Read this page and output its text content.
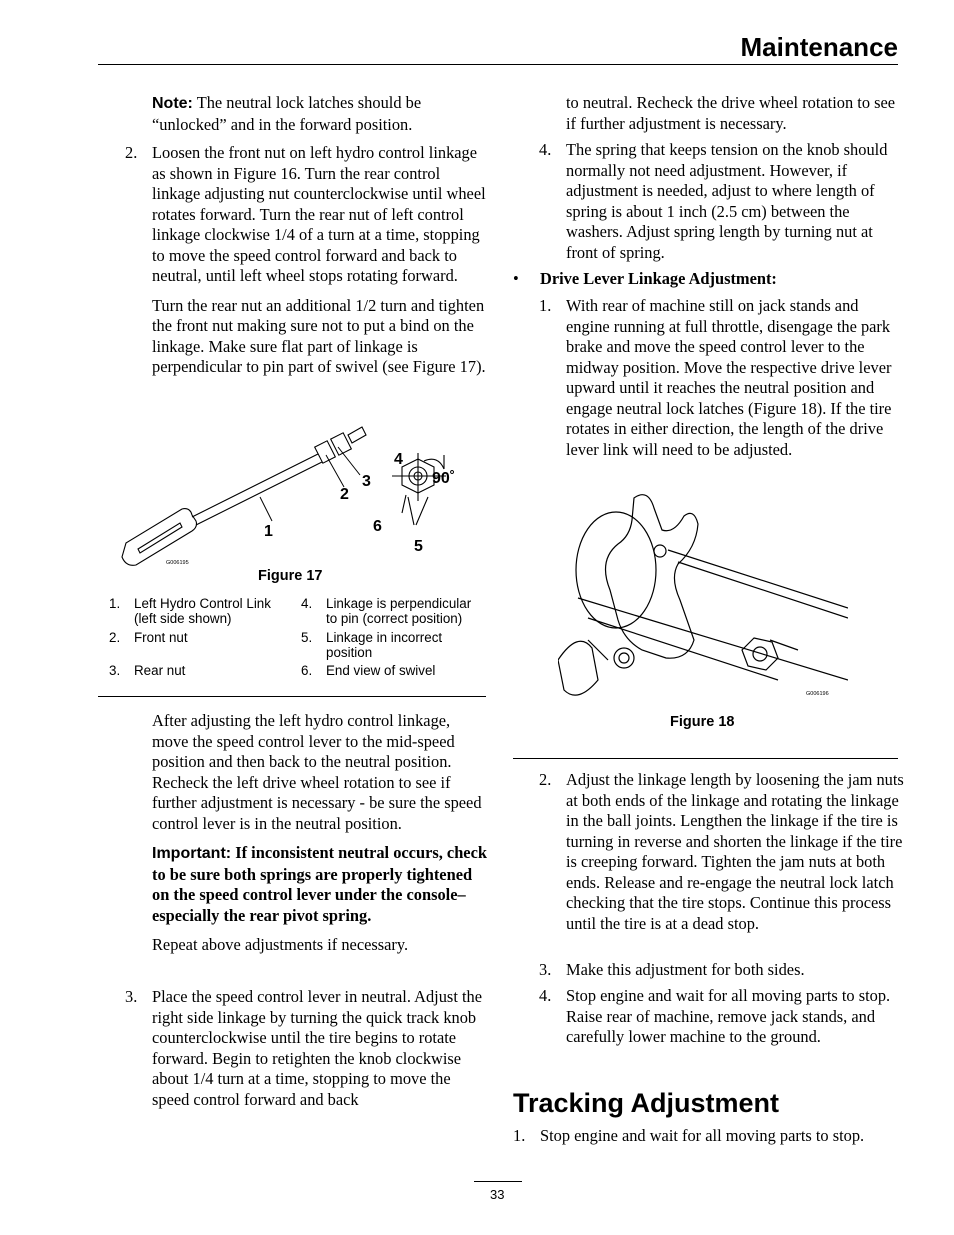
Maintenance

Note: The neutral lock latches should be “unlocked” and in the forward position.

2. Loosen the front nut on left hydro control linkage as shown in Figure 16. Turn the rear control linkage adjusting nut counterclockwise until wheel rotates forward. Turn the rear nut of left control linkage clockwise 1/4 of a turn at a time, stopping to move the speed control forward and back to neutral, until left wheel stops rotating forward.

Turn the rear nut an additional 1/2 turn and tighten the front nut making sure not to put a bind on the linkage. Make sure flat part of linkage is perpendicular to pin part of swivel (see Figure 17).

G006195
1
2
3
4
6
5
90˚
Figure 17
1. Left Hydro Control Link (left side shown)
2. Front nut
3. Rear nut
4. Linkage is perpendicular to pin (correct position)
5. Linkage in incorrect position
6. End view of swivel

After adjusting the left hydro control linkage, move the speed control lever to the mid-speed position and then back to the neutral position. Recheck the left drive wheel rotation to see if further adjustment is necessary - be sure the speed control lever is in the neutral position.

Important: If inconsistent neutral occurs, check to be sure both springs are properly tightened on the speed control lever under the console–especially the rear pivot spring.

Repeat above adjustments if necessary.

3. Place the speed control lever in neutral. Adjust the right side linkage by turning the quick track knob counterclockwise until the tire begins to rotate forward. Begin to retighten the knob clockwise about 1/4 turn at a time, stopping to move the speed control forward and back

to neutral. Recheck the drive wheel rotation to see if further adjustment is necessary.

4. The spring that keeps tension on the knob should normally not need adjustment. However, if adjustment is needed, adjust to where length of spring is about 1 inch (2.5 cm) between the washers. Adjust spring length by turning nut at front of spring.

• Drive Lever Linkage Adjustment:
1. With rear of machine still on jack stands and engine running at full throttle, disengage the park brake and move the speed control lever to the midway position. Move the respective drive lever upward until it reaches the neutral position and engage neutral lock latches (Figure 18). If the tire rotates in either direction, the length of the drive lever link will need to be adjusted.

G006196
Figure 18
2. Adjust the linkage length by loosening the jam nuts at both ends of the linkage and rotating the linkage in the ball joints. Lengthen the linkage if the tire is turning in reverse and shorten the linkage if the tire is creeping forward. Tighten the jam nuts at both ends. Release and re-engage the neutral lock latch checking that the tire stops. Continue this process until the tire is at a dead stop.

3. Make this adjustment for both sides.

4. Stop engine and wait for all moving parts to stop. Raise rear of machine, remove jack stands, and carefully lower machine to the ground.

Tracking Adjustment
1. Stop engine and wait for all moving parts to stop.

33
